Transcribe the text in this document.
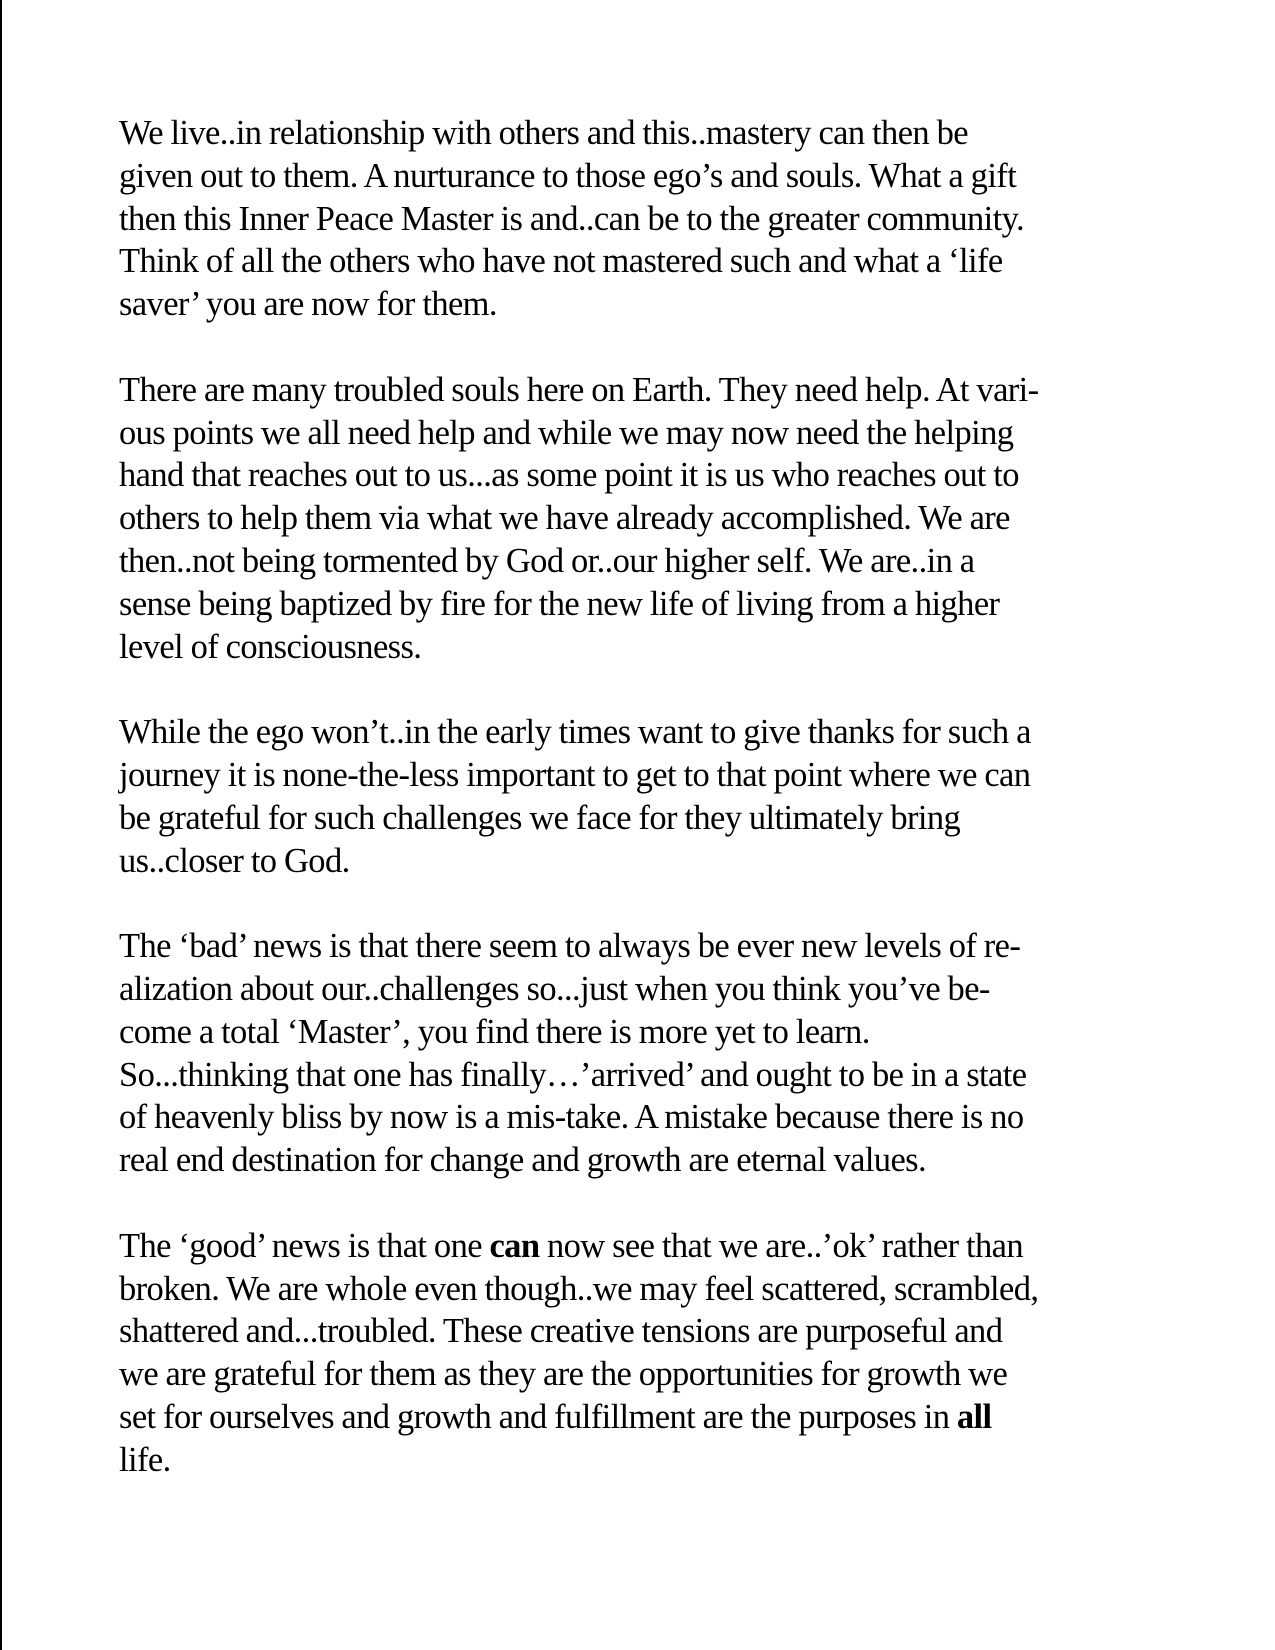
We live..in relationship with others and this..mastery can then be
given out to them. A nurturance to those ego’s and souls. What a gift
then this Inner Peace Master is and..can be to the greater community.
Think of all the others who have not mastered such and what a ‘life
saver’ you are now for them.

There are many troubled souls here on Earth. They need help. At vari-
ous points we all need help and while we may now need the helping
hand that reaches out to us...as some point it is us who reaches out to
others to help them via what we have already accomplished. We are
then..not being tormented by God or..our higher self. We are..in a
sense being baptized by fire for the new life of living from a higher
level of consciousness.

While the ego won’t..in the early times want to give thanks for such a
journey it is none-the-less important to get to that point where we can
be grateful for such challenges we face for they ultimately bring
us..closer to God.

The ‘bad’ news is that there seem to always be ever new levels of re-
alization about our..challenges so...just when you think you’ve be-
come a total ‘Master’, you find there is more yet to learn.
So...thinking that one has finally…’arrived’ and ought to be in a state
of heavenly bliss by now is a mis-take. A mistake because there is no
real end destination for change and growth are eternal values.

The ‘good’ news is that one can now see that we are..’ok’ rather than
broken. We are whole even though..we may feel scattered, scrambled,
shattered and...troubled. These creative tensions are purposeful and
we are grateful for them as they are the opportunities for growth we
set for ourselves and growth and fulfillment are the purposes in all
life.
